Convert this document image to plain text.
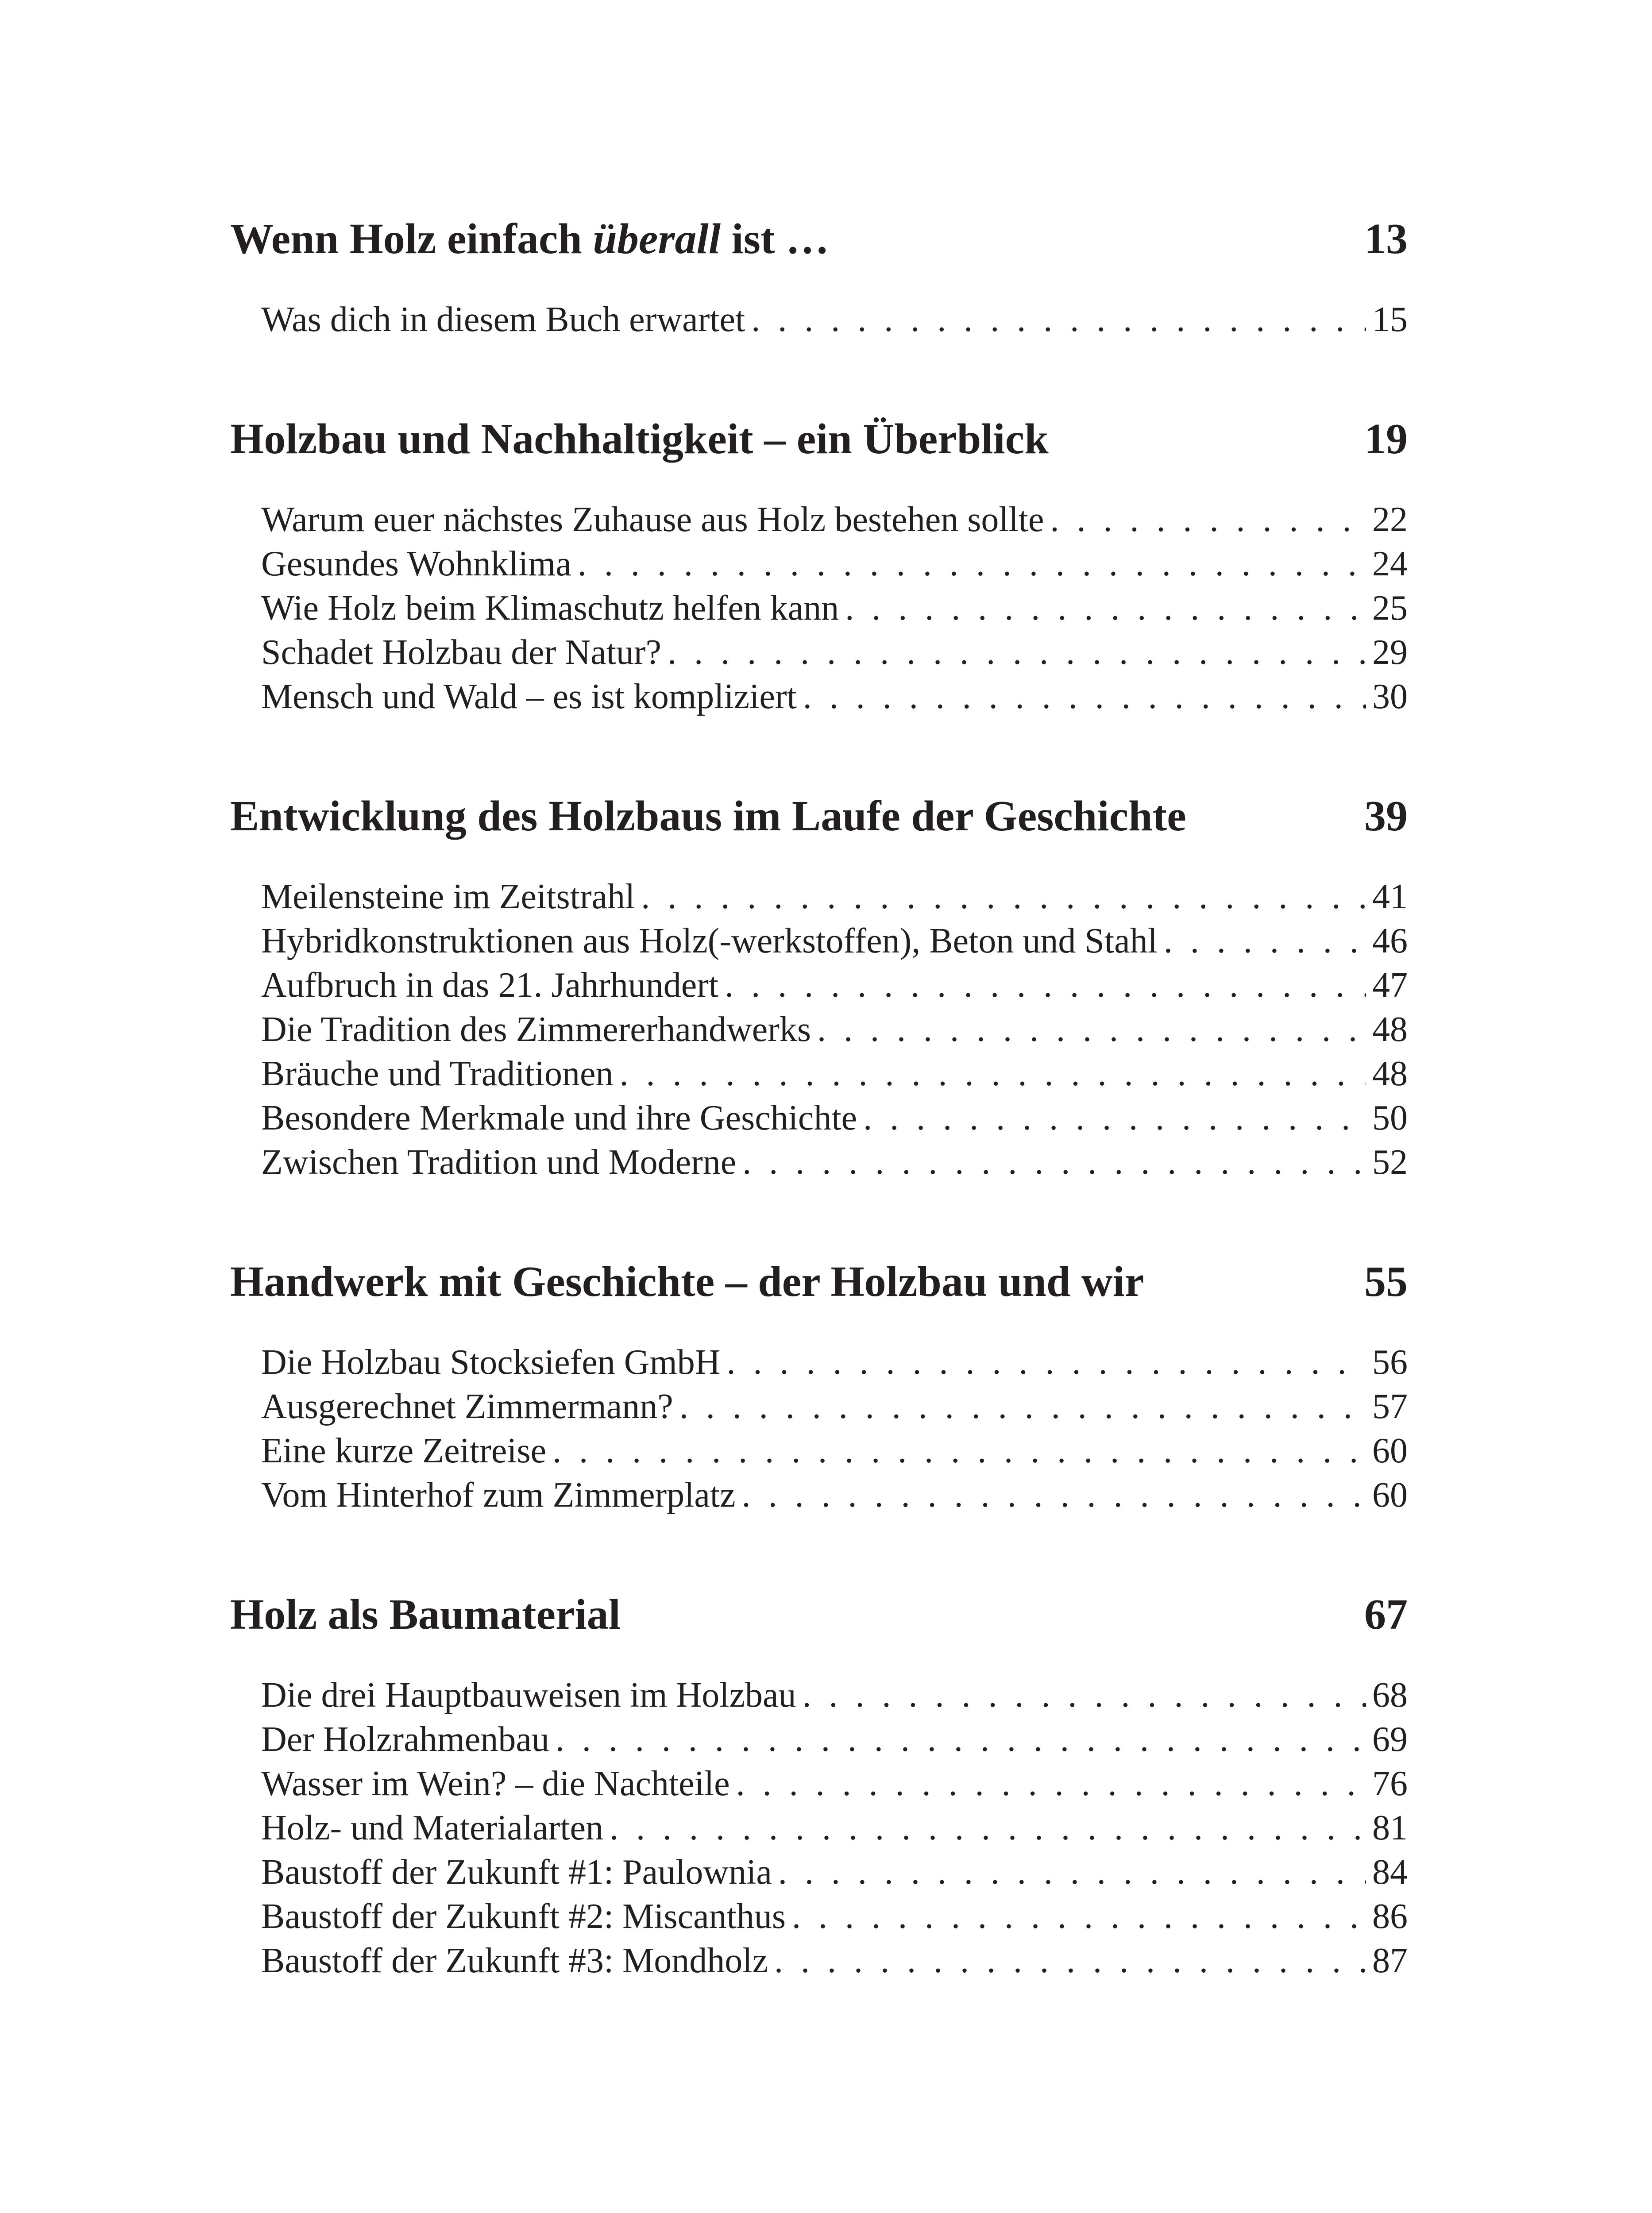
Wenn Holz einfach überall ist …	13
Was dich in diesem Buch erwartet . . .	15
Holzbau und Nachhaltigkeit – ein Überblick	19
Warum euer nächstes Zuhause aus Holz bestehen sollte . . .	22
Gesundes Wohnklima . . .	24
Wie Holz beim Klimaschutz helfen kann . . .	25
Schadet Holzbau der Natur? . . .	29
Mensch und Wald – es ist kompliziert . . .	30
Entwicklung des Holzbaus im Laufe der Geschichte	39
Meilensteine im Zeitstrahl . . .	41
Hybridkonstruktionen aus Holz(-werkstoffen), Beton und Stahl . . .	46
Aufbruch in das 21. Jahrhundert . . .	47
Die Tradition des Zimmererhandwerks . . .	48
Bräuche und Traditionen . . .	48
Besondere Merkmale und ihre Geschichte . . .	50
Zwischen Tradition und Moderne . . .	52
Handwerk mit Geschichte – der Holzbau und wir	55
Die Holzbau Stocksiefen GmbH . . .	56
Ausgerechnet Zimmermann? . . .	57
Eine kurze Zeitreise . . .	60
Vom Hinterhof zum Zimmerplatz . . .	60
Holz als Baumaterial	67
Die drei Hauptbauweisen im Holzbau . . .	68
Der Holzrahmenbau . . .	69
Wasser im Wein? – die Nachteile . . .	76
Holz- und Materialarten . . .	81
Baustoff der Zukunft #1: Paulownia . . .	84
Baustoff der Zukunft #2: Miscanthus . . .	86
Baustoff der Zukunft #3: Mondholz . . .	87
